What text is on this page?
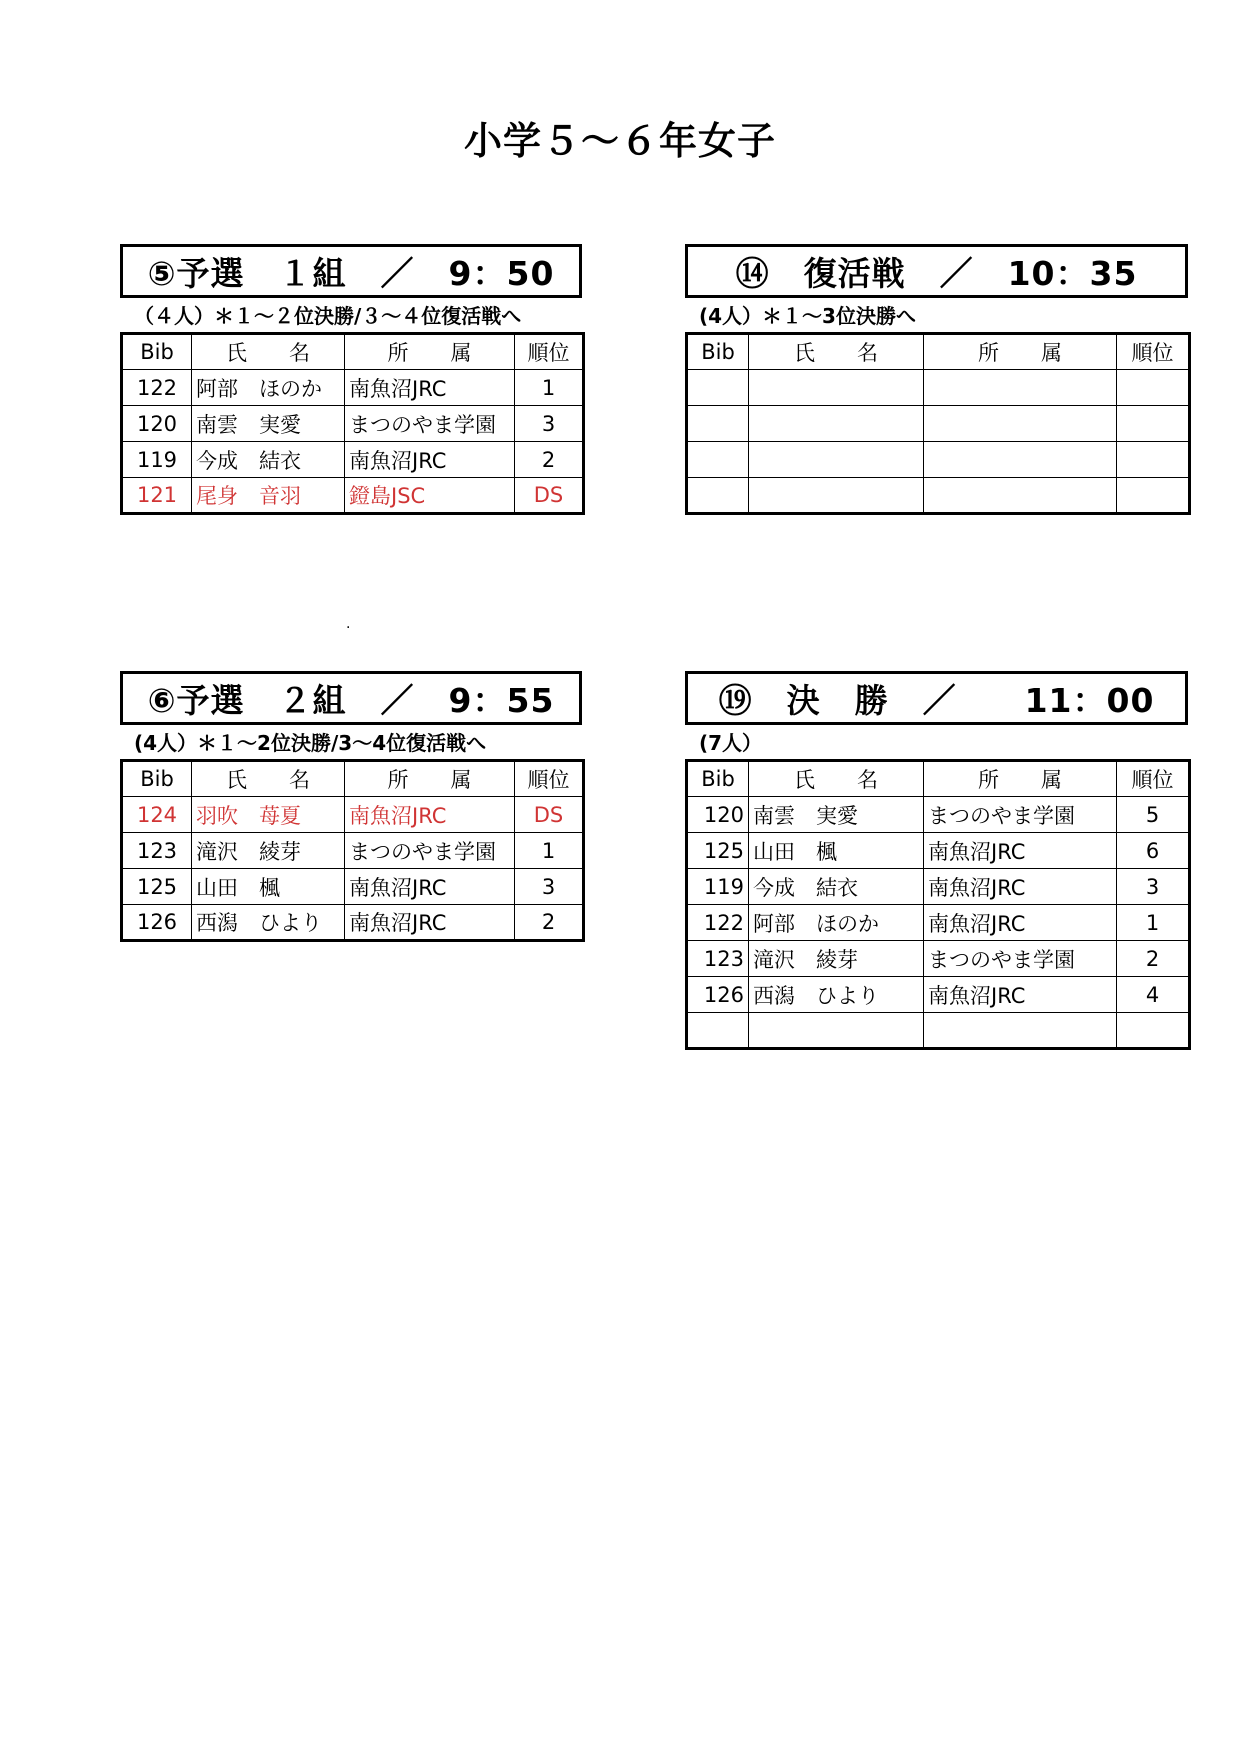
小学５～６年女子
⑤予選　１組　／　9：50
（４人）＊１～２位決勝/３～４位復活戦へ
Bib	氏　　名	所　　属	順位
122	阿部　ほのか	南魚沼JRC	1
120	南雲　実愛	まつのやま学園	3
119	今成　結衣	南魚沼JRC	2
121	尾身　音羽	鐙島JSC	DS
⑭　復活戦　／　10：35
(4人）＊１～3位決勝へ
Bib	氏　　名	所　　属	順位

.
⑥予選　２組　／　9：55
(4人）＊１～2位決勝/3～4位復活戦へ
Bib	氏　　名	所　　属	順位
124	羽吹　苺夏	南魚沼JRC	DS
123	滝沢　綾芽	まつのやま学園	1
125	山田　楓	南魚沼JRC	3
126	西潟　ひより	南魚沼JRC	2
⑲　決　勝　／　　11：00
(7人）
Bib	氏　　名	所　　属	順位
120	南雲　実愛	まつのやま学園	5
125	山田　楓	南魚沼JRC	6
119	今成　結衣	南魚沼JRC	3
122	阿部　ほのか	南魚沼JRC	1
123	滝沢　綾芽	まつのやま学園	2
126	西潟　ひより	南魚沼JRC	4
